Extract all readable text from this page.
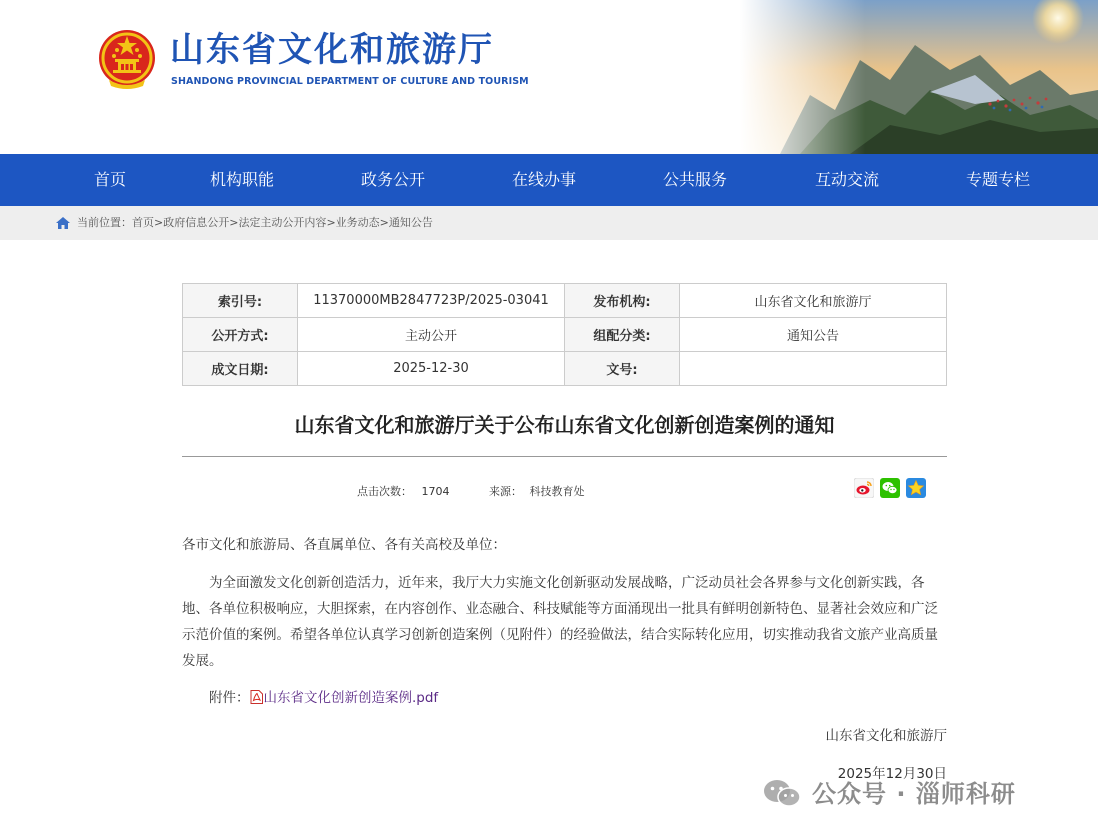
山东省文化和旅游厅
SHANDONG PROVINCIAL DEPARTMENT OF CULTURE AND TOURISM
首页	机构职能	政务公开	在线办事	公共服务	互动交流	专题专栏
当前位置：首页>政府信息公开>法定主动公开内容>业务动态>通知公告
索引号:	11370000MB2847723P/2025-03041	发布机构:	山东省文化和旅游厅
公开方式:	主动公开	组配分类:	通知公告
成文日期:	2025-12-30	文号:	
山东省文化和旅游厅关于公布山东省文化创新创造案例的通知
点击次数： 1704	来源： 科技教育处
各市文化和旅游局、各直属单位、各有关高校及单位：

为全面激发文化创新创造活力，近年来，我厅大力实施文化创新驱动发展战略，广泛动员社会各界参与文化创新实践，各地、各单位积极响应，大胆探索，在内容创作、业态融合、科技赋能等方面涌现出一批具有鲜明创新特色、显著社会效应和广泛示范价值的案例。希望各单位认真学习创新创造案例（见附件）的经验做法，结合实际转化应用，切实推动我省文旅产业高质量发展。

附件： 山东省文化创新创造案例.pdf
山东省文化和旅游厅
2025年12月30日
公众号 · 淄师科研
